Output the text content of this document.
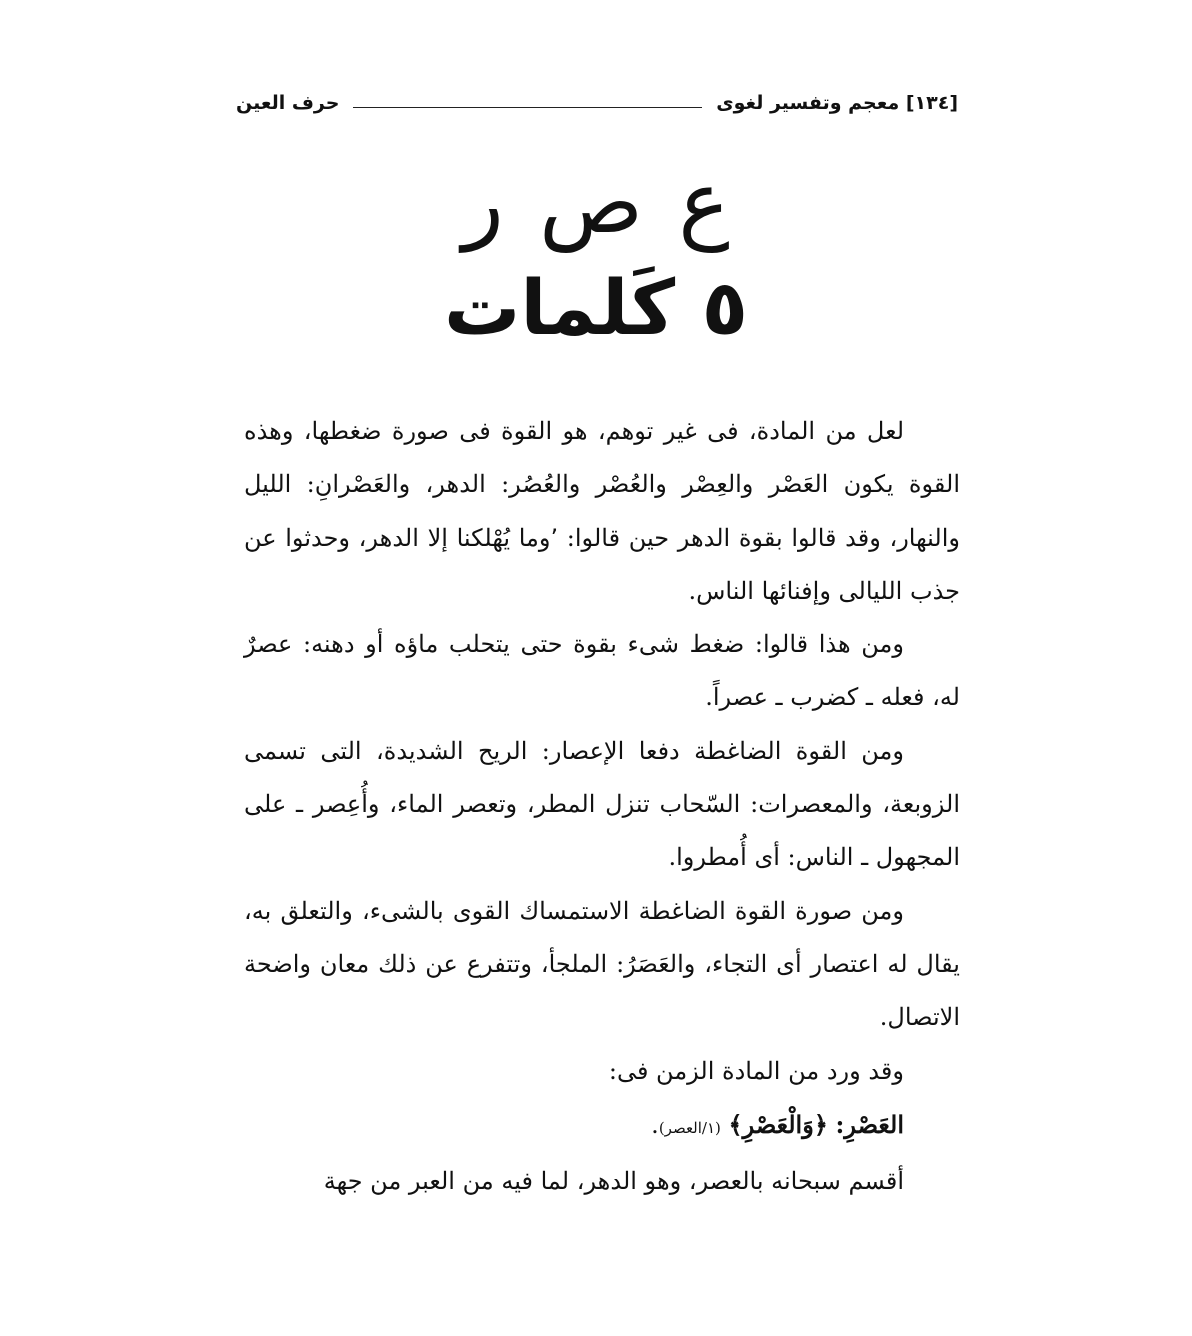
[١٣٤] معجم وتفسير لغوى
حرف العين
ع ص ر
٥ كَلمات

لعل من المادة، فى غير توهم، هو القوة فى صورة ضغطها، وهذه القوة يكون العَصْر والعِصْر والعُصْر والعُصُر: الدهر، والعَصْرانِ: الليل والنهار، وقد قالوا بقوة الدهر حين قالوا: ٬وما يُهْلكنا إلا الدهر، وحدثوا عن جذب الليالى وإفنائها الناس.

ومن هذا قالوا: ضغط شىء بقوة حتى يتحلب ماؤه أو دهنه: عصرٌ له، فعله ـ كضرب ـ عصراً.

ومن القوة الضاغطة دفعا الإعصار: الريح الشديدة، التى تسمى الزوبعة، والمعصرات: السّحاب تنزل المطر، وتعصر الماء، وأُعِصر ـ على المجهول ـ الناس: أى أُمطروا.

ومن صورة القوة الضاغطة الاستمساك القوى بالشىء، والتعلق به، يقال له اعتصار أى التجاء، والعَصَرُ: الملجأ، وتتفرع عن ذلك معان واضحة الاتصال.

وقد ورد من المادة الزمن فى:

العَصْرِ: ﴿وَالْعَصْرِ﴾ (١/العصر).

أقسم سبحانه بالعصر، وهو الدهر، لما فيه من العبر من جهة
